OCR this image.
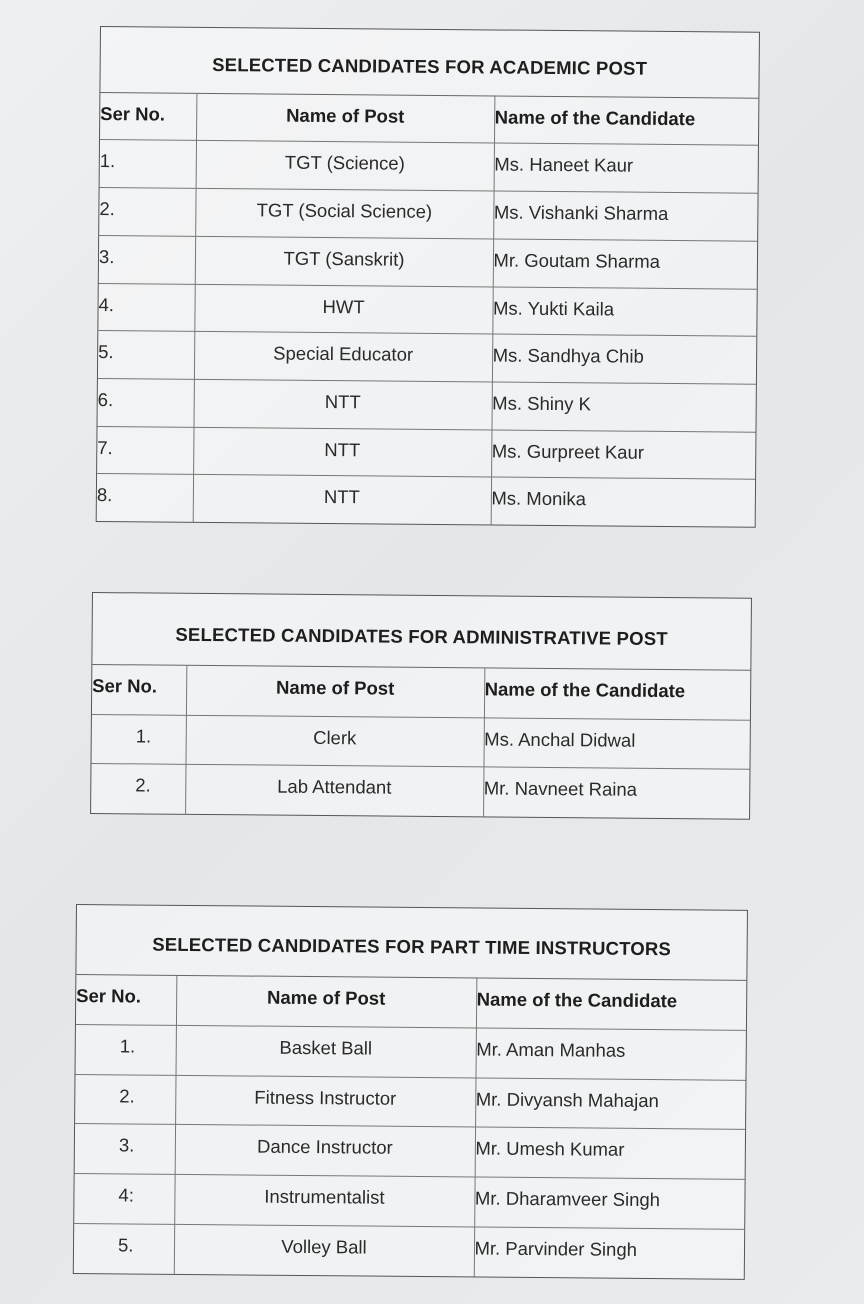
SELECTED CANDIDATES FOR ACADEMIC POST
Ser No.	Name of Post	Name of the Candidate

1.	TGT (Science)	Ms. Haneet Kaur

2.	TGT (Social Science)	Ms. Vishanki Sharma

3.	TGT (Sanskrit)	Mr. Goutam Sharma

4.	HWT	Ms. Yukti Kaila

5.	Special Educator	Ms. Sandhya Chib

6.	NTT	Ms. Shiny K

7.	NTT	Ms. Gurpreet Kaur

8.	NTT	Ms. Monika
SELECTED CANDIDATES FOR ADMINISTRATIVE POST
Ser No.	Name of Post	Name of the Candidate

1.	Clerk	Ms. Anchal Didwal

2.	Lab Attendant	Mr. Navneet Raina
SELECTED CANDIDATES FOR PART TIME INSTRUCTORS
Ser No.	Name of Post	Name of the Candidate

1.	Basket Ball	Mr. Aman Manhas

2.	Fitness Instructor	Mr. Divyansh Mahajan

3.	Dance Instructor	Mr. Umesh Kumar

4:	Instrumentalist	Mr. Dharamveer Singh

5.	Volley Ball	Mr. Parvinder Singh
